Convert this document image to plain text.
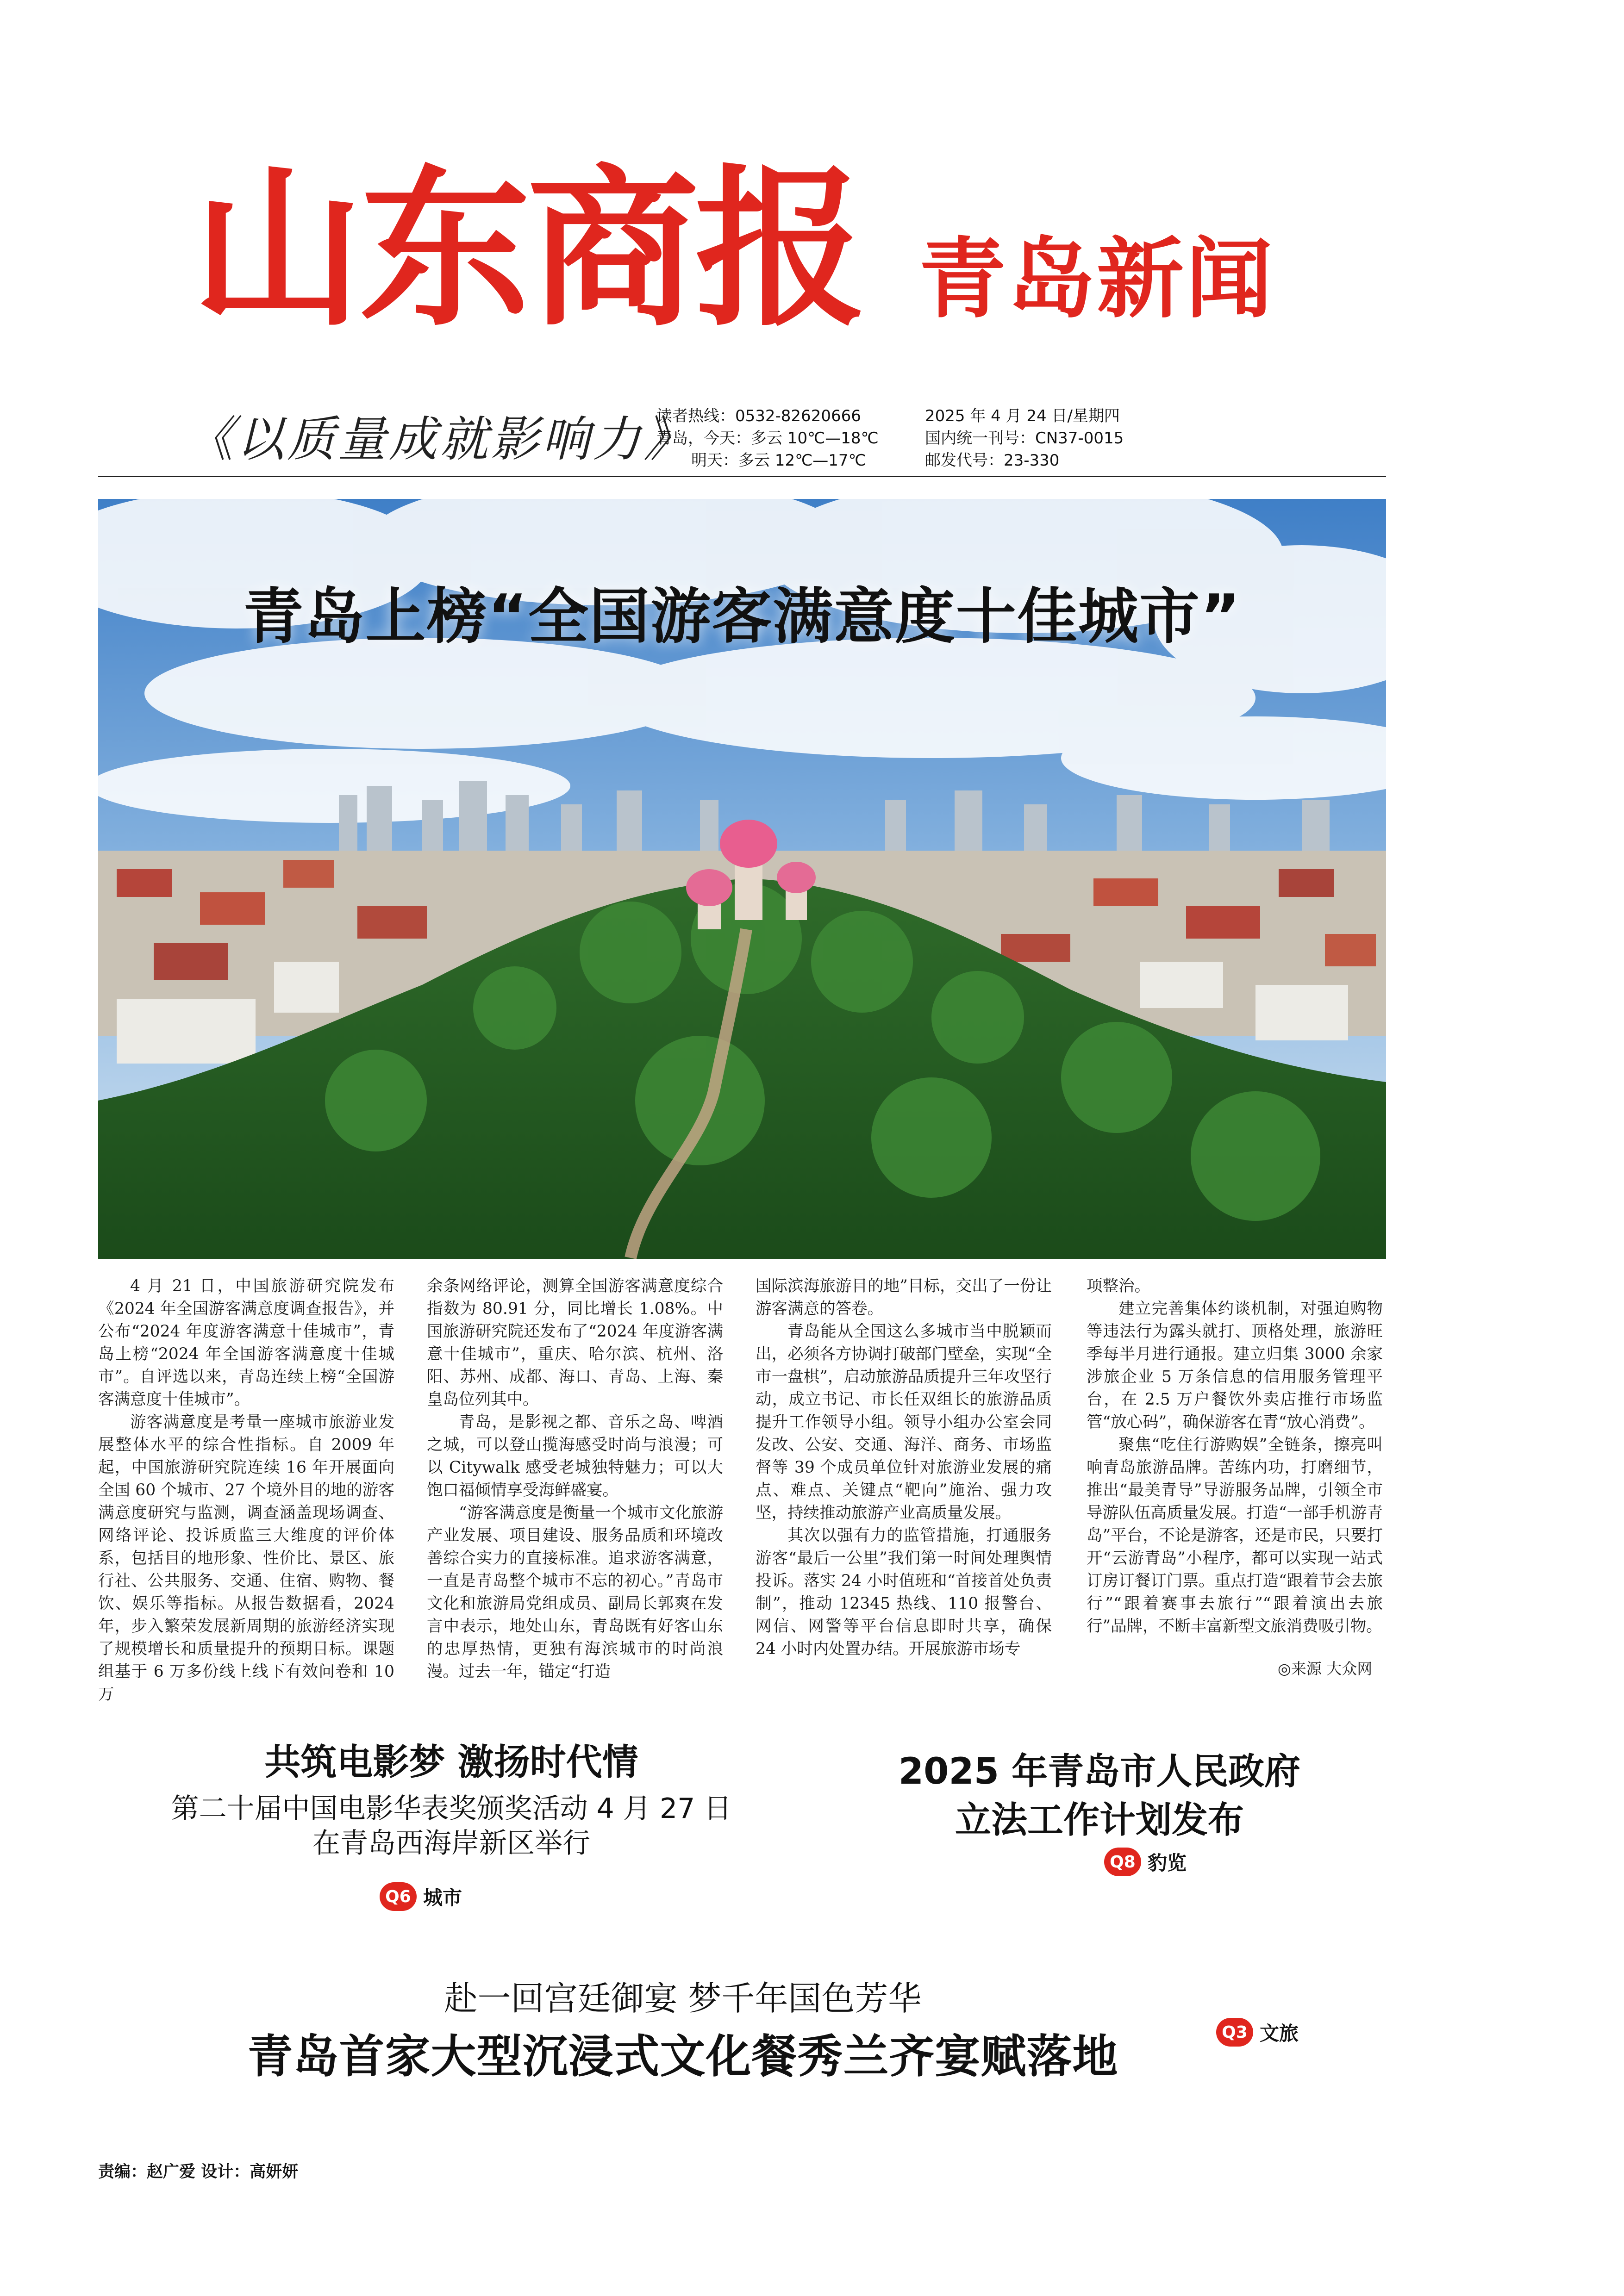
山东商报 青岛新闻
《以质量成就影响力》
读者热线：0532-82620666
青岛，今天：多云 10℃—18℃
明天：多云 12℃—17℃
2025 年 4 月 24 日/星期四
国内统一刊号：CN37-0015
邮发代号：23-330
青岛上榜“全国游客满意度十佳城市”

4 月 21 日，中国旅游研究院发布《2024 年全国游客满意度调查报告》，并公布“2024 年度游客满意十佳城市”，青岛上榜“2024 年全国游客满意度十佳城市”。自评选以来，青岛连续上榜“全国游客满意度十佳城市”。

游客满意度是考量一座城市旅游业发展整体水平的综合性指标。自 2009 年起，中国旅游研究院连续 16 年开展面向全国 60 个城市、27 个境外目的地的游客满意度研究与监测，调查涵盖现场调查、网络评论、投诉质监三大维度的评价体系，包括目的地形象、性价比、景区、旅行社、公共服务、交通、住宿、购物、餐饮、娱乐等指标。从报告数据看，2024 年，步入繁荣发展新周期的旅游经济实现了规模增长和质量提升的预期目标。课题组基于 6 万多份线上线下有效问卷和 10 万

余条网络评论，测算全国游客满意度综合指数为 80.91 分，同比增长 1.08%。中国旅游研究院还发布了“2024 年度游客满意十佳城市”，重庆、哈尔滨、杭州、洛阳、苏州、成都、海口、青岛、上海、秦皇岛位列其中。

青岛，是影视之都、音乐之岛、啤酒之城，可以登山揽海感受时尚与浪漫；可以 Citywalk 感受老城独特魅力；可以大饱口福倾情享受海鲜盛宴。

“游客满意度是衡量一个城市文化旅游产业发展、项目建设、服务品质和环境改善综合实力的直接标准。追求游客满意，一直是青岛整个城市不忘的初心。”青岛市文化和旅游局党组成员、副局长郭爽在发言中表示，地处山东，青岛既有好客山东的忠厚热情，更独有海滨城市的时尚浪漫。过去一年，锚定“打造

国际滨海旅游目的地”目标，交出了一份让游客满意的答卷。

青岛能从全国这么多城市当中脱颖而出，必须各方协调打破部门壁垒，实现“全市一盘棋”，启动旅游品质提升三年攻坚行动，成立书记、市长任双组长的旅游品质提升工作领导小组。领导小组办公室会同发改、公安、交通、海洋、商务、市场监督等 39 个成员单位针对旅游业发展的痛点、难点、关键点“靶向”施治、强力攻坚，持续推动旅游产业高质量发展。

其次以强有力的监管措施，打通服务游客“最后一公里”我们第一时间处理舆情投诉。落实 24 小时值班和“首接首处负责制”，推动 12345 热线、110 报警台、网信、网警等平台信息即时共享，确保 24 小时内处置办结。开展旅游市场专

项整治。

建立完善集体约谈机制，对强迫购物等违法行为露头就打、顶格处理，旅游旺季每半月进行通报。建立归集 3000 余家涉旅企业 5 万条信息的信用服务管理平台，在 2.5 万户餐饮外卖店推行市场监管“放心码”，确保游客在青“放心消费”。

聚焦“吃住行游购娱”全链条，擦亮叫响青岛旅游品牌。苦练内功，打磨细节，推出“最美青导”导游服务品牌，引领全市导游队伍高质量发展。打造“一部手机游青岛”平台，不论是游客，还是市民，只要打开“云游青岛”小程序，都可以实现一站式订房订餐订门票。重点打造“跟着节会去旅行”“跟着赛事去旅行”“跟着演出去旅行”品牌，不断丰富新型文旅消费吸引物。

◎来源 大众网
共筑电影梦 激扬时代情
第二十届中国电影华表奖颁奖活动 4 月 27 日
在青岛西海岸新区举行
Q6 城市
2025 年青岛市人民政府
立法工作计划发布
Q8 豹览
赴一回宫廷御宴 梦千年国色芳华
青岛首家大型沉浸式文化餐秀兰齐宴赋落地	Q3 文旅
责编：赵广爱 设计：高妍妍
